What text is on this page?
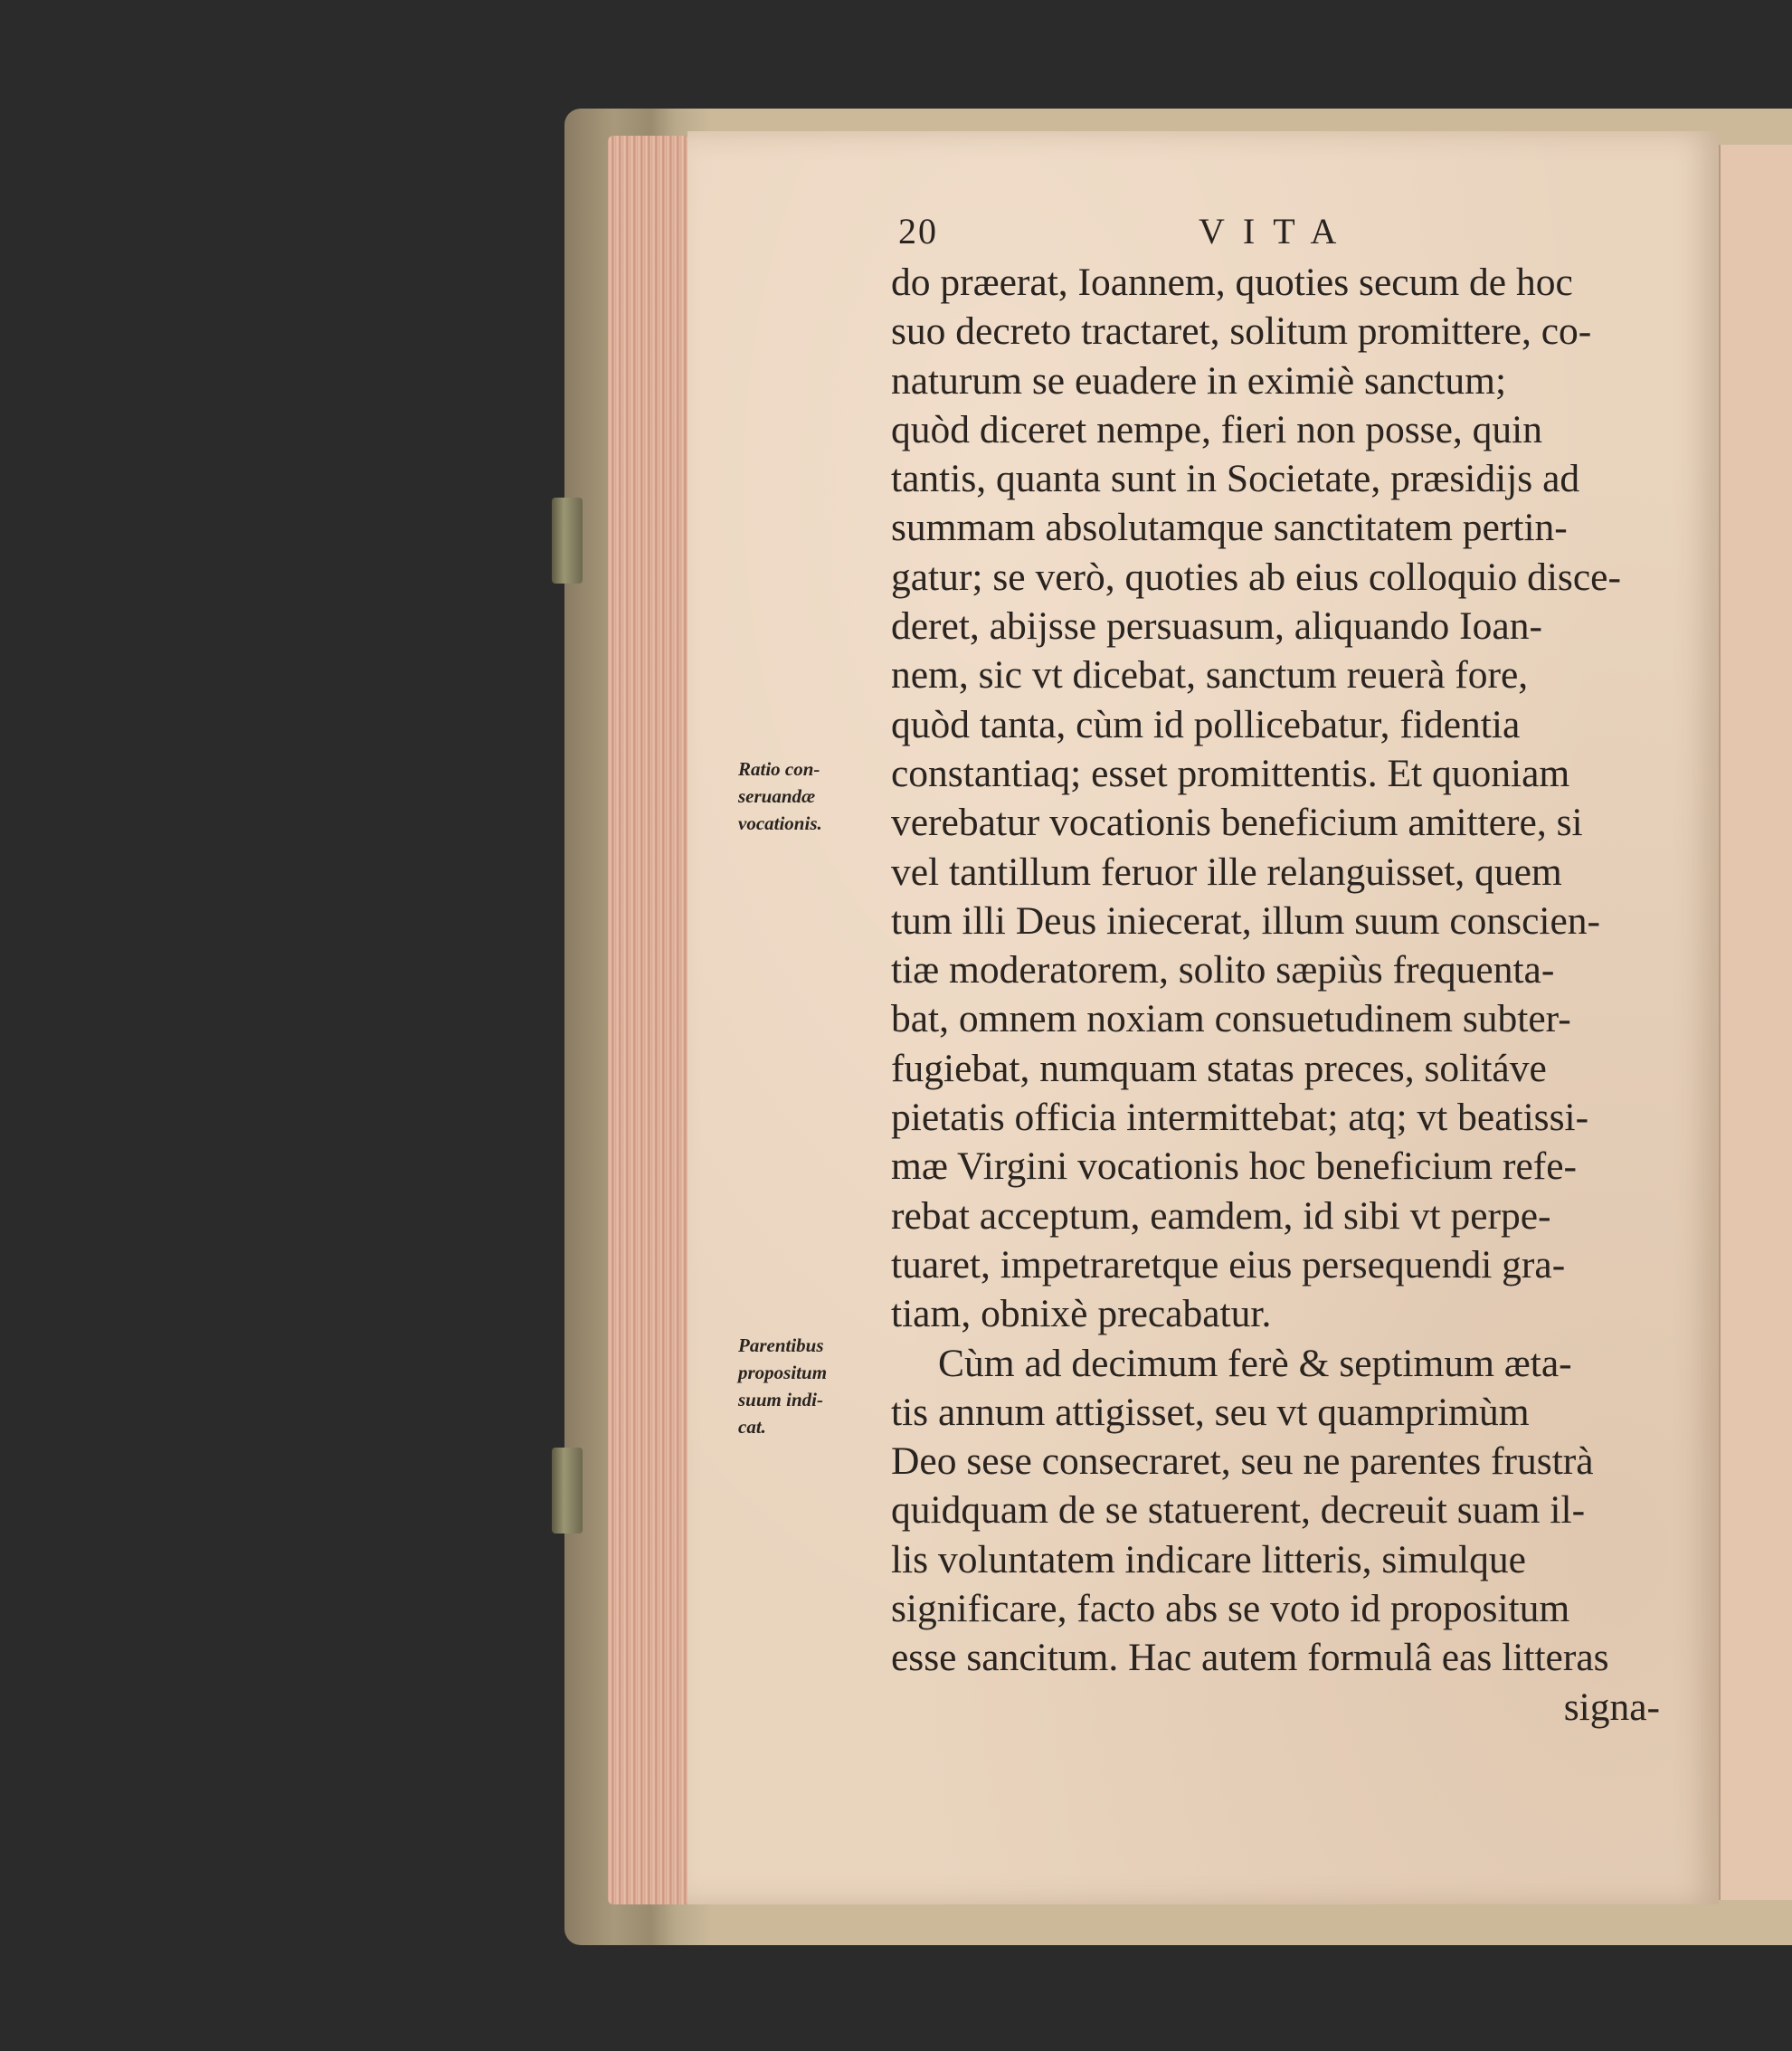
20	VITA
Ratio con-
seruandæ
vocationis.
Parentibus
propositum
suum indi-
cat.
do præerat, Ioannem, quoties secum de hoc
suo decreto tractaret, solitum promittere, co-
naturum se euadere in eximiè sanctum;
quòd diceret nempe, fieri non posse, quin
tantis, quanta sunt in Societate, præsidijs ad
summam absolutamque sanctitatem pertin-
gatur; se verò, quoties ab eius colloquio disce-
deret, abijsse persuasum, aliquando Ioan-
nem, sic vt dicebat, sanctum reuerà fore,
quòd tanta, cùm id pollicebatur, fidentia
constantiaq; esset promittentis. Et quoniam
verebatur vocationis beneficium amittere, si
vel tantillum feruor ille relanguisset, quem
tum illi Deus iniecerat, illum suum conscien-
tiæ moderatorem, solito sæpiùs frequenta-
bat, omnem noxiam consuetudinem subter-
fugiebat, numquam statas preces, solitáve
pietatis officia intermittebat; atq; vt beatissi-
mæ Virgini vocationis hoc beneficium refe-
rebat acceptum, eamdem, id sibi vt perpe-
tuaret, impetraretque eius persequendi gra-
tiam, obnixè precabatur.
Cùm ad decimum ferè & septimum æta-
tis annum attigisset, seu vt quamprimùm
Deo sese consecraret, seu ne parentes frustrà
quidquam de se statuerent, decreuit suam il-
lis voluntatem indicare litteris, simulque
significare, facto abs se voto id propositum
esse sancitum. Hac autem formulâ eas litteras
signa-
